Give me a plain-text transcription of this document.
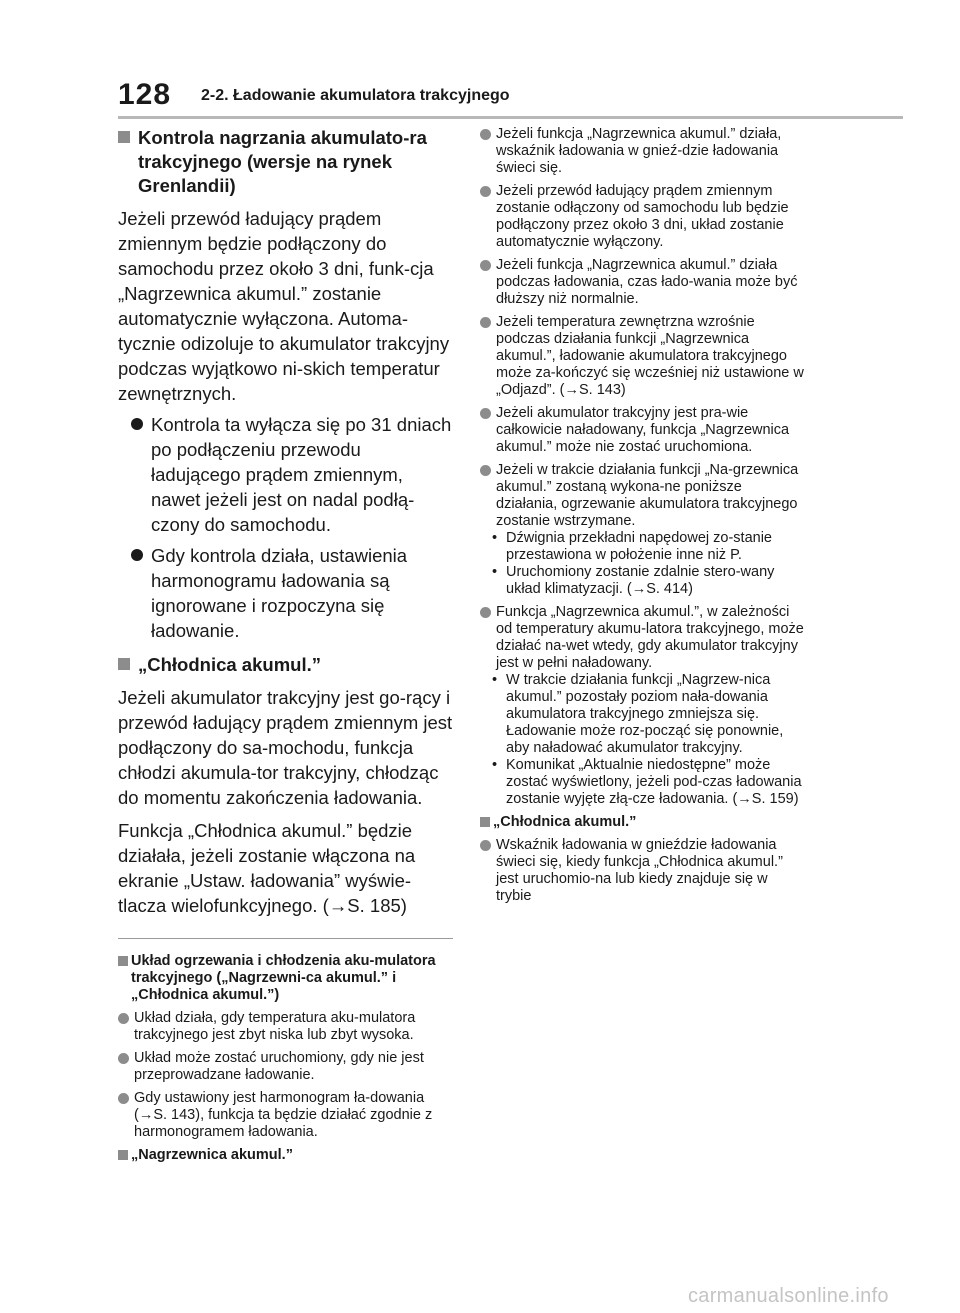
128 2-2. Ładowanie akumulatora trakcyjnego
Kontrola nagrzania akumulato-ra trakcyjnego (wersje na rynek Grenlandii)

Jeżeli przewód ładujący prądem zmiennym będzie podłączony do samochodu przez około 3 dni, funk-cja „Nagrzewnica akumul.” zostanie automatycznie wyłączona. Automa-tycznie odizoluje to akumulator trakcyjny podczas wyjątkowo ni-skich temperatur zewnętrznych.

Kontrola ta wyłącza się po 31 dniach po podłączeniu przewodu ładującego prądem zmiennym, nawet jeżeli jest on nadal podłą-czony do samochodu.
Gdy kontrola działa, ustawienia harmonogramu ładowania są ignorowane i rozpoczyna się ładowanie.
„Chłodnica akumul.”

Jeżeli akumulator trakcyjny jest go-rący i przewód ładujący prądem zmiennym jest podłączony do sa-mochodu, funkcja chłodzi akumula-tor trakcyjny, chłodząc do momentu zakończenia ładowania.

Funkcja „Chłodnica akumul.” będzie działała, jeżeli zostanie włączona na ekranie „Ustaw. ładowania” wyświe-tlacza wielofunkcyjnego. (→S. 185)

Układ ogrzewania i chłodzenia aku-mulatora trakcyjnego („Nagrzewni-ca akumul.” i „Chłodnica akumul.”)
Układ działa, gdy temperatura aku-mulatora trakcyjnego jest zbyt niska lub zbyt wysoka.
Układ może zostać uruchomiony, gdy nie jest przeprowadzane ładowanie.
Gdy ustawiony jest harmonogram ła-dowania (→S. 143), funkcja ta będzie działać zgodnie z harmonogramem ładowania.
„Nagrzewnica akumul.”
Jeżeli funkcja „Nagrzewnica akumul.” działa, wskaźnik ładowania w gnieź-dzie ładowania świeci się.
Jeżeli przewód ładujący prądem zmiennym zostanie odłączony od samochodu lub będzie podłączony przez około 3 dni, układ zostanie automatycznie wyłączony.
Jeżeli funkcja „Nagrzewnica akumul.” działa podczas ładowania, czas łado-wania może być dłuższy niż normalnie.
Jeżeli temperatura zewnętrzna wzrośnie podczas działania funkcji „Nagrzewnica akumul.”, ładowanie akumulatora trakcyjnego może za-kończyć się wcześniej niż ustawione w „Odjazd”. (→S. 143)
Jeżeli akumulator trakcyjny jest pra-wie całkowicie naładowany, funkcja „Nagrzewnica akumul.” może nie zostać uruchomiona.
Jeżeli w trakcie działania funkcji „Na-grzewnica akumul.” zostaną wykona-ne poniższe działania, ogrzewanie akumulatora trakcyjnego zostanie wstrzymane.
• Dźwignia przekładni napędowej zo-stanie przestawiona w położenie inne niż P.
• Uruchomiony zostanie zdalnie stero-wany układ klimatyzacji. (→S. 414)
Funkcja „Nagrzewnica akumul.”, w zależności od temperatury akumu-latora trakcyjnego, może działać na-wet wtedy, gdy akumulator trakcyjny jest w pełni naładowany.
• W trakcie działania funkcji „Nagrzew-nica akumul.” pozostały poziom nała-dowania akumulatora trakcyjnego zmniejsza się. Ładowanie może roz-począć się ponownie, aby naładować akumulator trakcyjny.
• Komunikat „Aktualnie niedostępne” może zostać wyświetlony, jeżeli pod-czas ładowania zostanie wyjęte złą-cze ładowania. (→S. 159)
„Chłodnica akumul.”
Wskaźnik ładowania w gnieździe ładowania świeci się, kiedy funkcja „Chłodnica akumul.” jest uruchomio-na lub kiedy znajduje się w trybie
carmanualsonline.info
